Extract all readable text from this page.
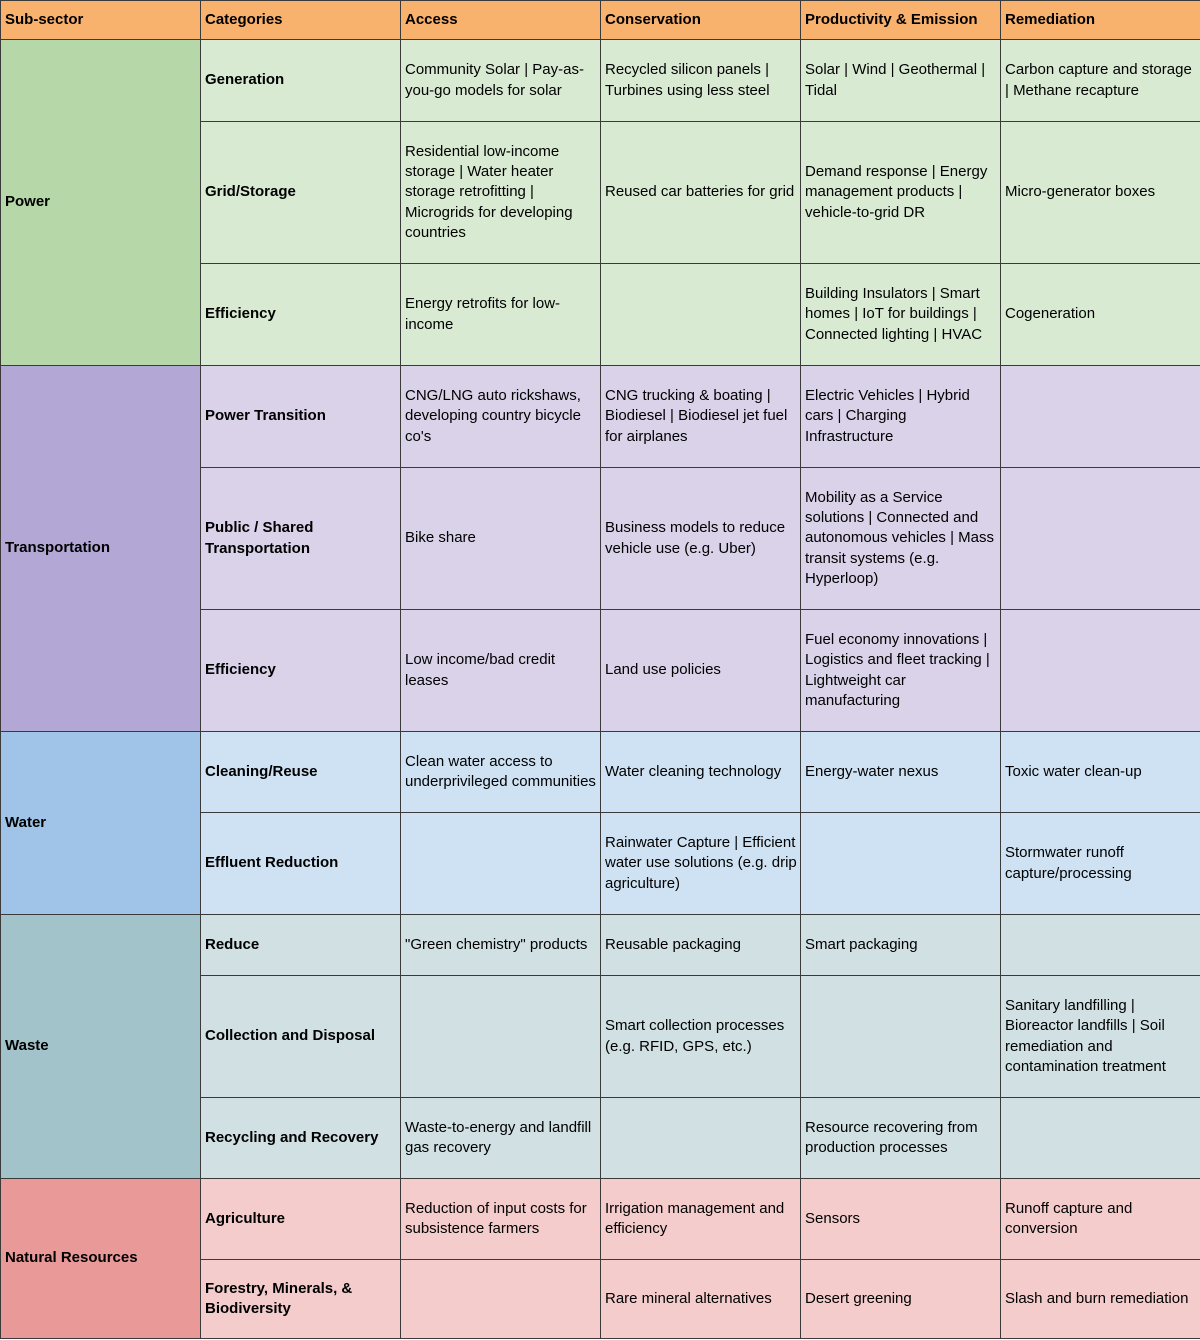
Sub-sector	Categories	Access	Conservation	Productivity & Emission	Remediation
Power	Generation	Community Solar | Pay-as-you-go models for solar	Recycled silicon panels | Turbines using less steel	Solar | Wind | Geothermal | Tidal	Carbon capture and storage | Methane recapture
	Grid/Storage	Residential low-income storage | Water heater storage retrofitting | Microgrids for developing countries	Reused car batteries for grid	Demand response | Energy management products | vehicle-to-grid DR	Micro-generator boxes
	Efficiency	Energy retrofits for low-income		Building Insulators | Smart homes | IoT for buildings | Connected lighting | HVAC	Cogeneration
Transportation	Power Transition	CNG/LNG auto rickshaws, developing country bicycle co's	CNG trucking & boating | Biodiesel | Biodiesel jet fuel for airplanes	Electric Vehicles | Hybrid cars | Charging Infrastructure	
	Public / Shared Transportation	Bike share	Business models to reduce vehicle use (e.g. Uber)	Mobility as a Service solutions | Connected and autonomous vehicles | Mass transit systems (e.g. Hyperloop)	
	Efficiency	Low income/bad credit leases	Land use policies	Fuel economy innovations | Logistics and fleet tracking | Lightweight car manufacturing	
Water	Cleaning/Reuse	Clean water access to underprivileged communities	Water cleaning technology	Energy-water nexus	Toxic water clean-up
	Effluent Reduction		Rainwater Capture | Efficient water use solutions (e.g. drip agriculture)		Stormwater runoff capture/processing
Waste	Reduce	"Green chemistry" products	Reusable packaging	Smart packaging	
	Collection and Disposal		Smart collection processes (e.g. RFID, GPS, etc.)		Sanitary landfilling | Bioreactor landfills | Soil remediation and contamination treatment
	Recycling and Recovery	Waste-to-energy and landfill gas recovery		Resource recovering from production processes	
Natural Resources	Agriculture	Reduction of input costs for subsistence farmers	Irrigation management and efficiency	Sensors	Runoff capture and conversion
	Forestry, Minerals, & Biodiversity		Rare mineral alternatives	Desert greening	Slash and burn remediation
